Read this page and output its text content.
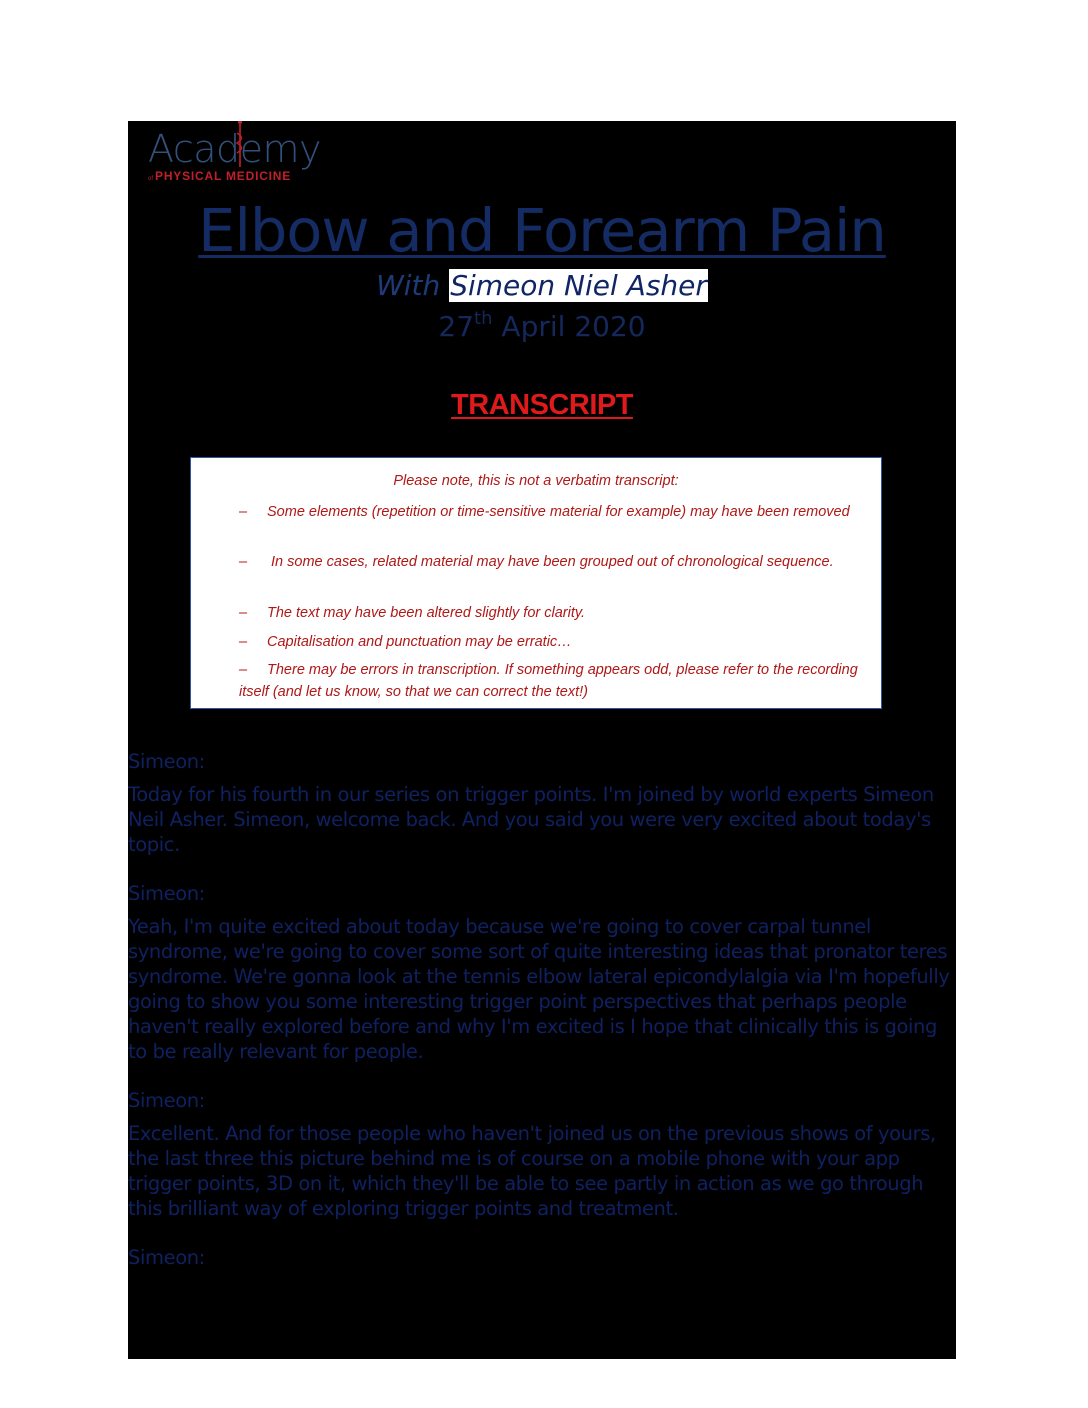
Academy
of PHYSICAL MEDICINE
Elbow and Forearm Pain
With Simeon Niel Asher
27th April 2020
TRANSCRIPT
Please note, this is not a verbatim transcript:
– Some elements (repetition or time-sensitive material for example) may have been removed
– In some cases, related material may have been grouped out of chronological sequence.
– The text may have been altered slightly for clarity.
– Capitalisation and punctuation may be erratic…
– There may be errors in transcription. If something appears odd, please refer to the recording itself (and let us know, so that we can correct the text!)
Simeon:

Today for his fourth in our series on trigger points. I'm joined by world experts Simeon Neil Asher. Simeon, welcome back. And you said you were very excited about today's topic.

Simeon:

Yeah, I'm quite excited about today because we're going to cover carpal tunnel syndrome, we're going to cover some sort of quite interesting ideas that pronator teres syndrome. We're gonna look at the tennis elbow lateral epicondylalgia via I'm hopefully going to show you some interesting trigger point perspectives that perhaps people haven't really explored before and why I'm excited is I hope that clinically this is going to be really relevant for people.

Simeon:

Excellent. And for those people who haven't joined us on the previous shows of yours, the last three this picture behind me is of course on a mobile phone with your app trigger points, 3D on it, which they'll be able to see partly in action as we go through this brilliant way of exploring trigger points and treatment.

Simeon:
